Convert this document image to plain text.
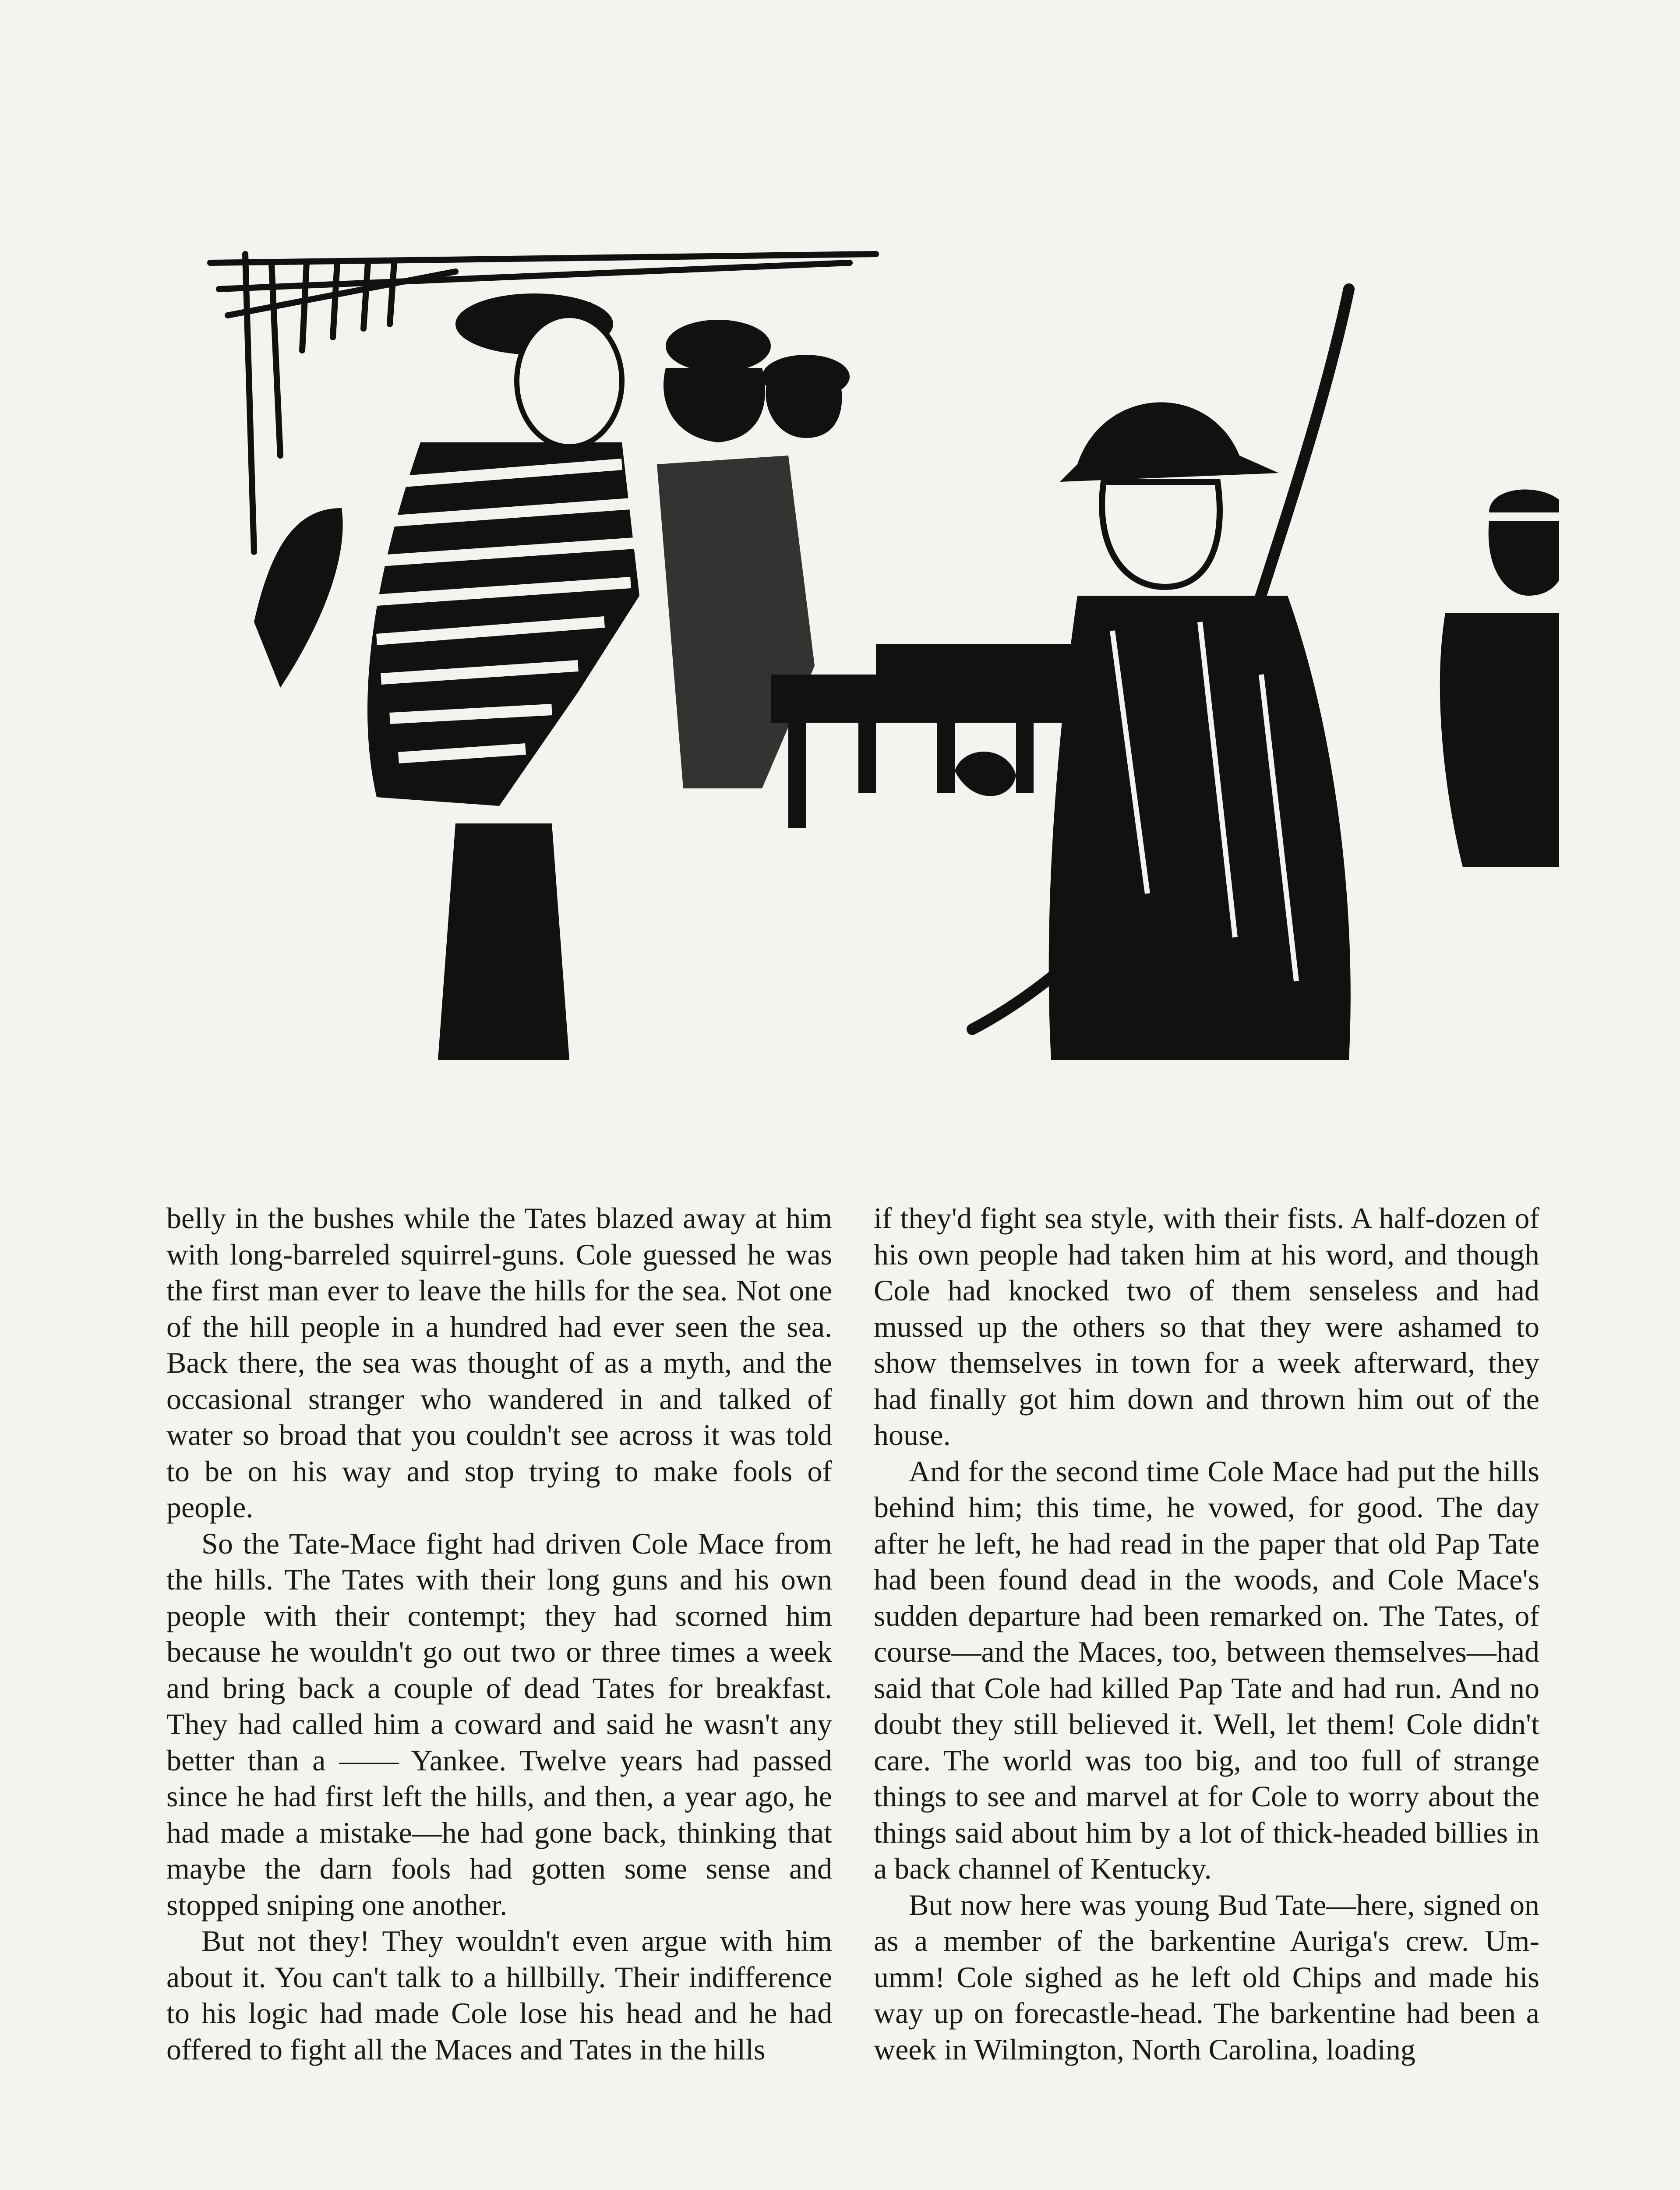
belly in the bushes while the Tates blazed away at him with long-barreled squirrel-guns. Cole guessed he was the first man ever to leave the hills for the sea. Not one of the hill people in a hundred had ever seen the sea. Back there, the sea was thought of as a myth, and the occasional stranger who wandered in and talked of water so broad that you couldn't see across it was told to be on his way and stop trying to make fools of people.

So the Tate-Mace fight had driven Cole Mace from the hills. The Tates with their long guns and his own people with their contempt; they had scorned him because he wouldn't go out two or three times a week and bring back a couple of dead Tates for breakfast. They had called him a coward and said he wasn't any better than a —— Yankee. Twelve years had passed since he had first left the hills, and then, a year ago, he had made a mistake—he had gone back, thinking that maybe the darn fools had gotten some sense and stopped sniping one another.

But not they! They wouldn't even argue with him about it. You can't talk to a hillbilly. Their indifference to his logic had made Cole lose his head and he had offered to fight all the Maces and Tates in the hills

if they'd fight sea style, with their fists. A half-dozen of his own people had taken him at his word, and though Cole had knocked two of them senseless and had mussed up the others so that they were ashamed to show themselves in town for a week afterward, they had finally got him down and thrown him out of the house.

And for the second time Cole Mace had put the hills behind him; this time, he vowed, for good. The day after he left, he had read in the paper that old Pap Tate had been found dead in the woods, and Cole Mace's sudden departure had been remarked on. The Tates, of course—and the Maces, too, between themselves—had said that Cole had killed Pap Tate and had run. And no doubt they still believed it. Well, let them! Cole didn't care. The world was too big, and too full of strange things to see and marvel at for Cole to worry about the things said about him by a lot of thick-headed billies in a back channel of Kentucky.

But now here was young Bud Tate—here, signed on as a member of the barkentine Auriga's crew. Um-umm! Cole sighed as he left old Chips and made his way up on forecastle-head. The barkentine had been a week in Wilmington, North Carolina, loading
